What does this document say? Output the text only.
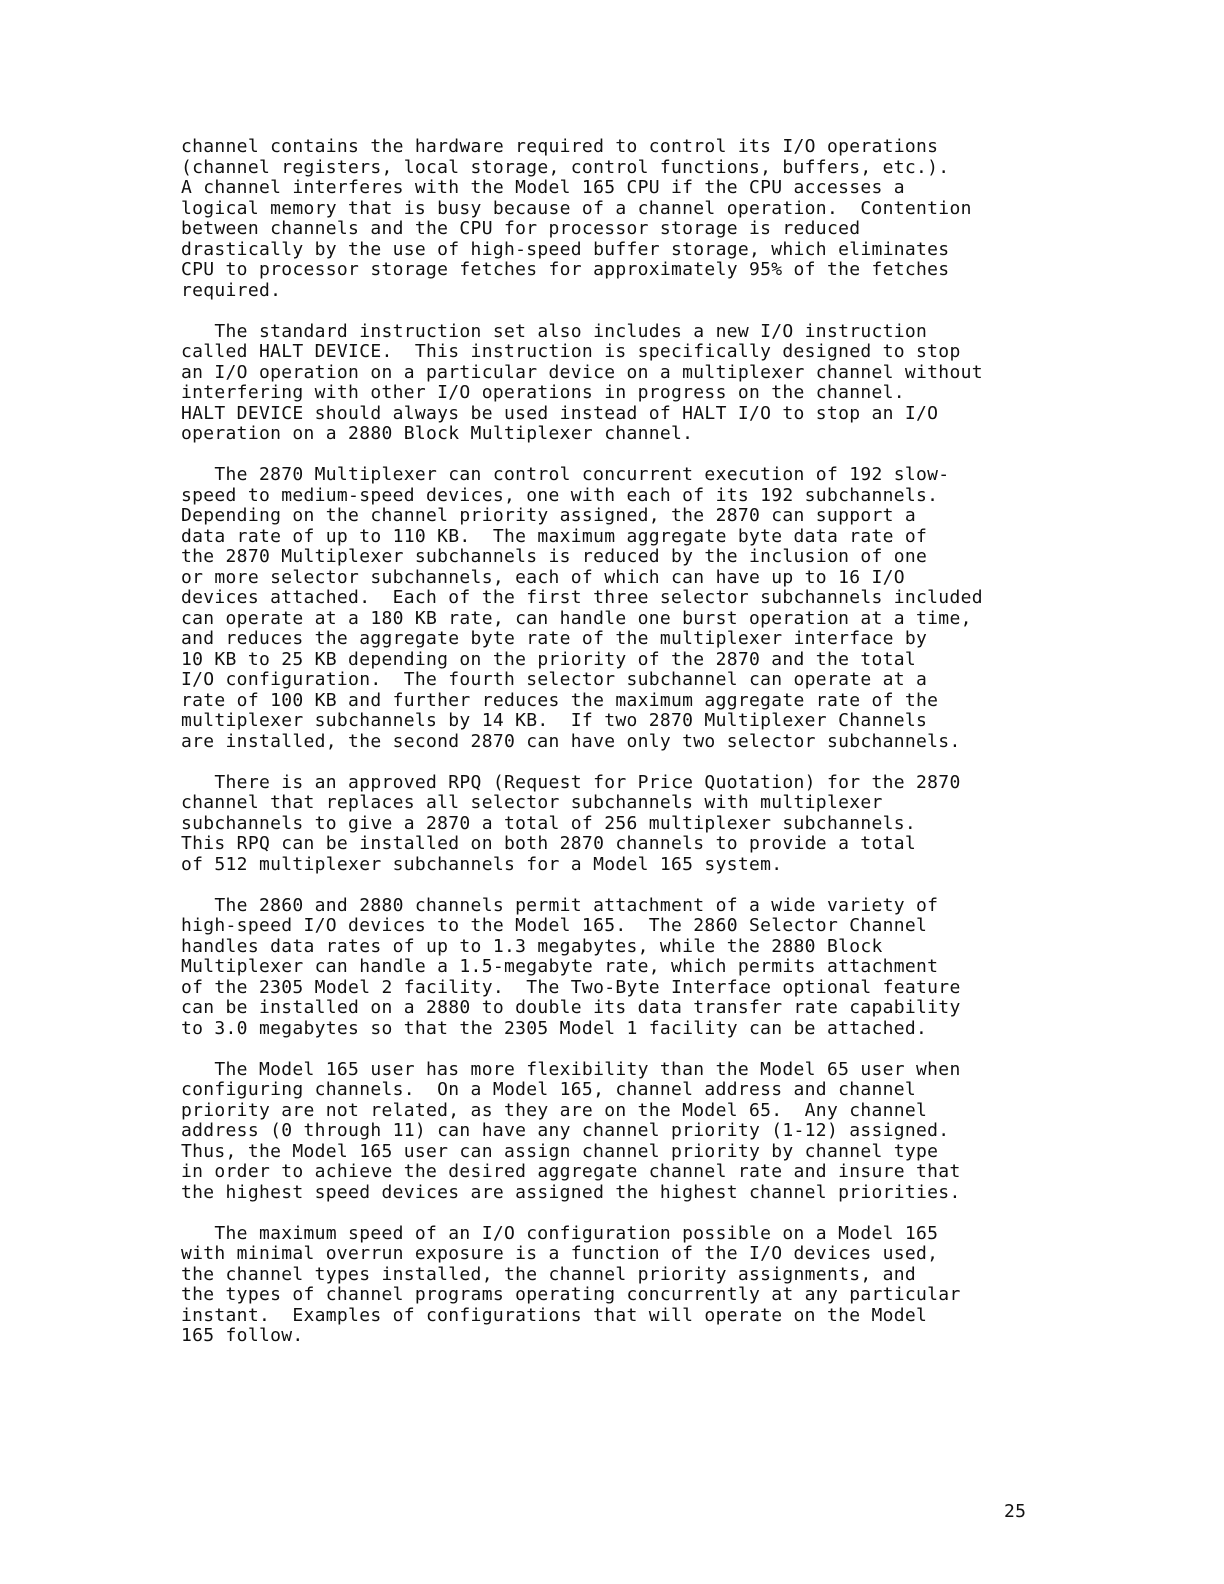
channel contains the hardware required to control its I/O operations
(channel registers, local storage, control functions, buffers, etc.).
A channel interferes with the Model 165 CPU if the CPU accesses a
logical memory that is busy because of a channel operation.  Contention
between channels and the CPU for processor storage is reduced
drastically by the use of high-speed buffer storage, which eliminates
CPU to processor storage fetches for approximately 95% of the fetches
required.
The standard instruction set also includes a new I/O instruction
called HALT DEVICE.  This instruction is specifically designed to stop
an I/O operation on a particular device on a multiplexer channel without
interfering with other I/O operations in progress on the channel.
HALT DEVICE should always be used instead of HALT I/O to stop an I/O
operation on a 2880 Block Multiplexer channel.
The 2870 Multiplexer can control concurrent execution of 192 slow-
speed to medium-speed devices, one with each of its 192 subchannels.
Depending on the channel priority assigned, the 2870 can support a
data rate of up to 110 KB.  The maximum aggregate byte data rate of
the 2870 Multiplexer subchannels is reduced by the inclusion of one
or more selector subchannels, each of which can have up to 16 I/O
devices attached.  Each of the first three selector subchannels included
can operate at a 180 KB rate, can handle one burst operation at a time,
and reduces the aggregate byte rate of the multiplexer interface by
10 KB to 25 KB depending on the priority of the 2870 and the total
I/O configuration.  The fourth selector subchannel can operate at a
rate of 100 KB and further reduces the maximum aggregate rate of the
multiplexer subchannels by 14 KB.  If two 2870 Multiplexer Channels
are installed, the second 2870 can have only two selector subchannels.
There is an approved RPQ (Request for Price Quotation) for the 2870
channel that replaces all selector subchannels with multiplexer
subchannels to give a 2870 a total of 256 multiplexer subchannels.
This RPQ can be installed on both 2870 channels to provide a total
of 512 multiplexer subchannels for a Model 165 system.
The 2860 and 2880 channels permit attachment of a wide variety of
high-speed I/O devices to the Model 165.  The 2860 Selector Channel
handles data rates of up to 1.3 megabytes, while the 2880 Block
Multiplexer can handle a 1.5-megabyte rate, which permits attachment
of the 2305 Model 2 facility.  The Two-Byte Interface optional feature
can be installed on a 2880 to double its data transfer rate capability
to 3.0 megabytes so that the 2305 Model 1 facility can be attached.
The Model 165 user has more flexibility than the Model 65 user when
configuring channels.  On a Model 165, channel address and channel
priority are not related, as they are on the Model 65.  Any channel
address (0 through 11) can have any channel priority (1-12) assigned.
Thus, the Model 165 user can assign channel priority by channel type
in order to achieve the desired aggregate channel rate and insure that
the highest speed devices are assigned the highest channel priorities.
The maximum speed of an I/O configuration possible on a Model 165
with minimal overrun exposure is a function of the I/O devices used,
the channel types installed, the channel priority assignments, and
the types of channel programs operating concurrently at any particular
instant.  Examples of configurations that will operate on the Model
165 follow.
25
